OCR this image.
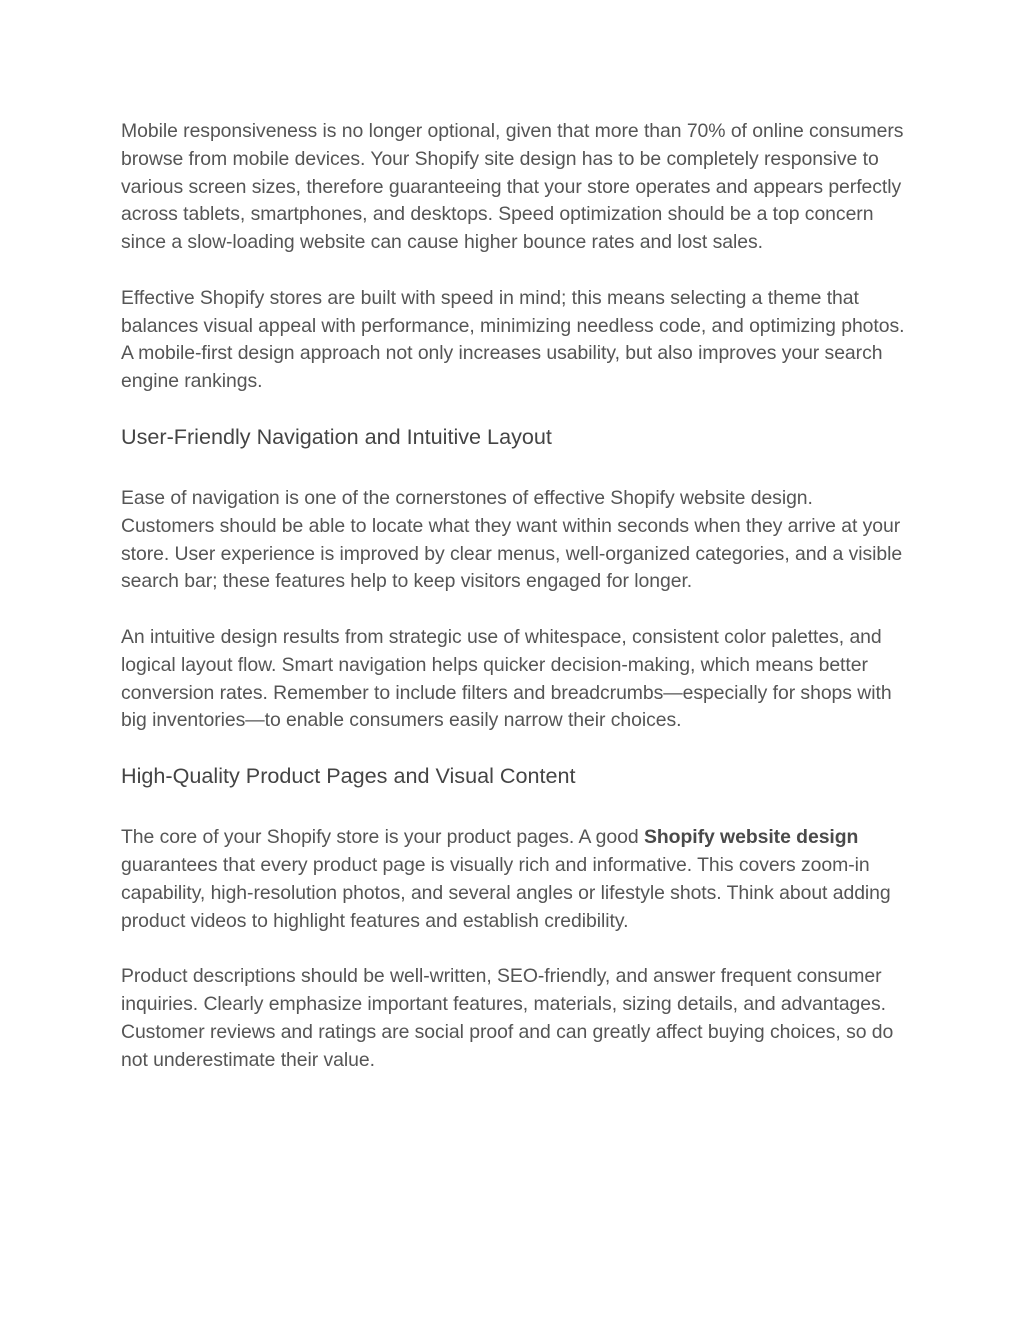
Mobile responsiveness is no longer optional, given that more than 70% of online consumers browse from mobile devices. Your Shopify site design has to be completely responsive to various screen sizes, therefore guaranteeing that your store operates and appears perfectly across tablets, smartphones, and desktops. Speed optimization should be a top concern since a slow-loading website can cause higher bounce rates and lost sales.

Effective Shopify stores are built with speed in mind; this means selecting a theme that balances visual appeal with performance, minimizing needless code, and optimizing photos. A mobile-first design approach not only increases usability, but also improves your search engine rankings.

User-Friendly Navigation and Intuitive Layout

Ease of navigation is one of the cornerstones of effective Shopify website design. Customers should be able to locate what they want within seconds when they arrive at your store. User experience is improved by clear menus, well-organized categories, and a visible search bar; these features help to keep visitors engaged for longer.

An intuitive design results from strategic use of whitespace, consistent color palettes, and logical layout flow. Smart navigation helps quicker decision-making, which means better conversion rates. Remember to include filters and breadcrumbs—especially for shops with big inventories—to enable consumers easily narrow their choices.

High-Quality Product Pages and Visual Content

The core of your Shopify store is your product pages. A good Shopify website design guarantees that every product page is visually rich and informative. This covers zoom-in capability, high-resolution photos, and several angles or lifestyle shots. Think about adding product videos to highlight features and establish credibility.

Product descriptions should be well-written, SEO-friendly, and answer frequent consumer inquiries. Clearly emphasize important features, materials, sizing details, and advantages. Customer reviews and ratings are social proof and can greatly affect buying choices, so do not underestimate their value.
